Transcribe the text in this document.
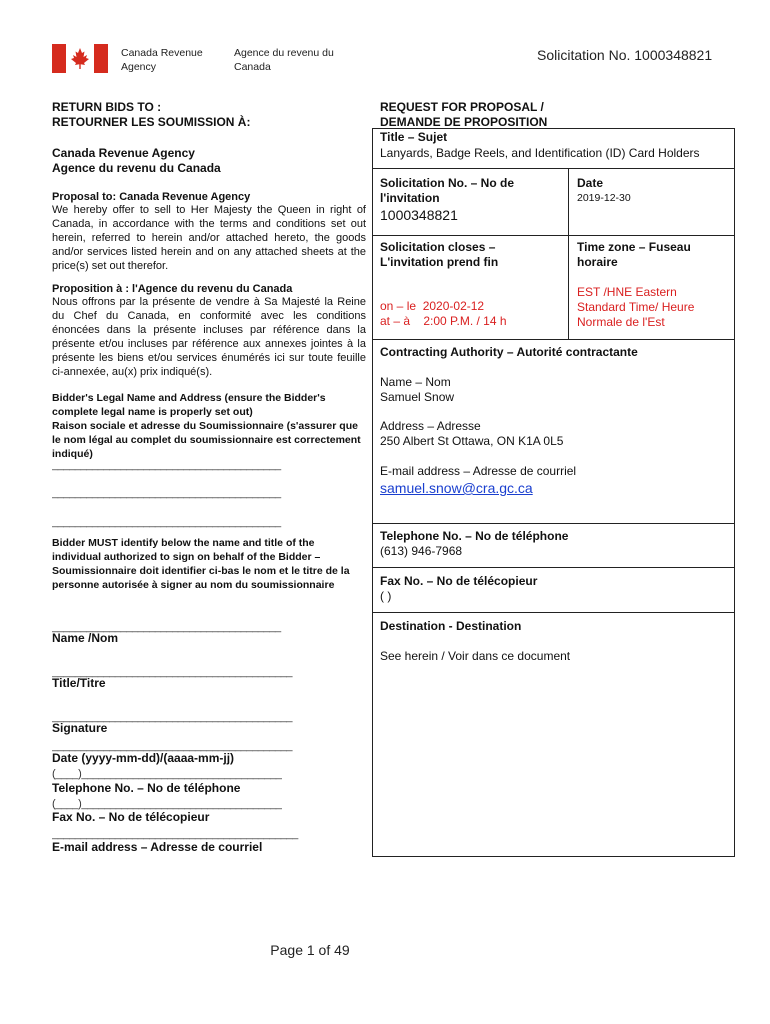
Canada Revenue
Agency
Agence du revenu du
Canada
Solicitation No. 1000348821
RETURN BIDS TO :
RETOURNER LES SOUMISSION À:
Canada Revenue Agency
Agence du revenu du Canada
Proposal to: Canada Revenue Agency
We hereby offer to sell to Her Majesty the Queen in right of Canada, in accordance with the terms and conditions set out herein, referred to herein and/or attached hereto, the goods and/or services listed herein and on any attached sheets at the price(s) set out therefor.
Proposition à : l'Agence du revenu du Canada
Nous offrons par la présente de vendre à Sa Majesté la Reine du Chef du Canada, en conformité avec les conditions énoncées dans la présente incluses par référence dans la présente et/ou incluses par référence aux annexes jointes à la présente les biens et/ou services énumérés ici sur toute feuille ci-annexée, au(x) prix indiqué(s).
Bidder's Legal Name and Address (ensure the Bidder's complete legal name is properly set out)
Raison sociale et adresse du Soumissionnaire (s'assurer que le nom légal au complet du soumissionnaire est correctement indiqué)
________________________________________
________________________________________
________________________________________
Bidder MUST identify below the name and title of the individual authorized to sign on behalf of the Bidder – Soumissionnaire doit identifier ci-bas le nom et le titre de la personne autorisée à signer au nom du soumissionnaire
________________________________________
Name /Nom
__________________________________________
Title/Titre
__________________________________________
Signature
__________________________________________
Date (yyyy-mm-dd)/(aaaa-mm-jj)
(____)___________________________________
Telephone No. – No de téléphone
(____)___________________________________
Fax No. – No de télécopieur
___________________________________________
E-mail address – Adresse de courriel
REQUEST FOR PROPOSAL /
DEMANDE DE PROPOSITION
Title – Sujet
Lanyards, Badge Reels, and Identification (ID) Card Holders
Solicitation No. – No de l'invitation
1000348821
Date
2019-12-30
Solicitation closes – L'invitation prend fin
Time zone – Fuseau horaire
on – le  2020-02-12
at – à    2:00 P.M. / 14 h
EST /HNE Eastern Standard Time/ Heure Normale de l'Est
Contracting Authority – Autorité contractante
Name – Nom
Samuel Snow
Address – Adresse
250 Albert St Ottawa, ON K1A 0L5
E-mail address – Adresse de courriel
samuel.snow@cra.gc.ca
Telephone No. – No de téléphone
(613) 946-7968
Fax No. – No de télécopieur
( )
Destination - Destination
See herein / Voir dans ce document
Page 1 of 49
